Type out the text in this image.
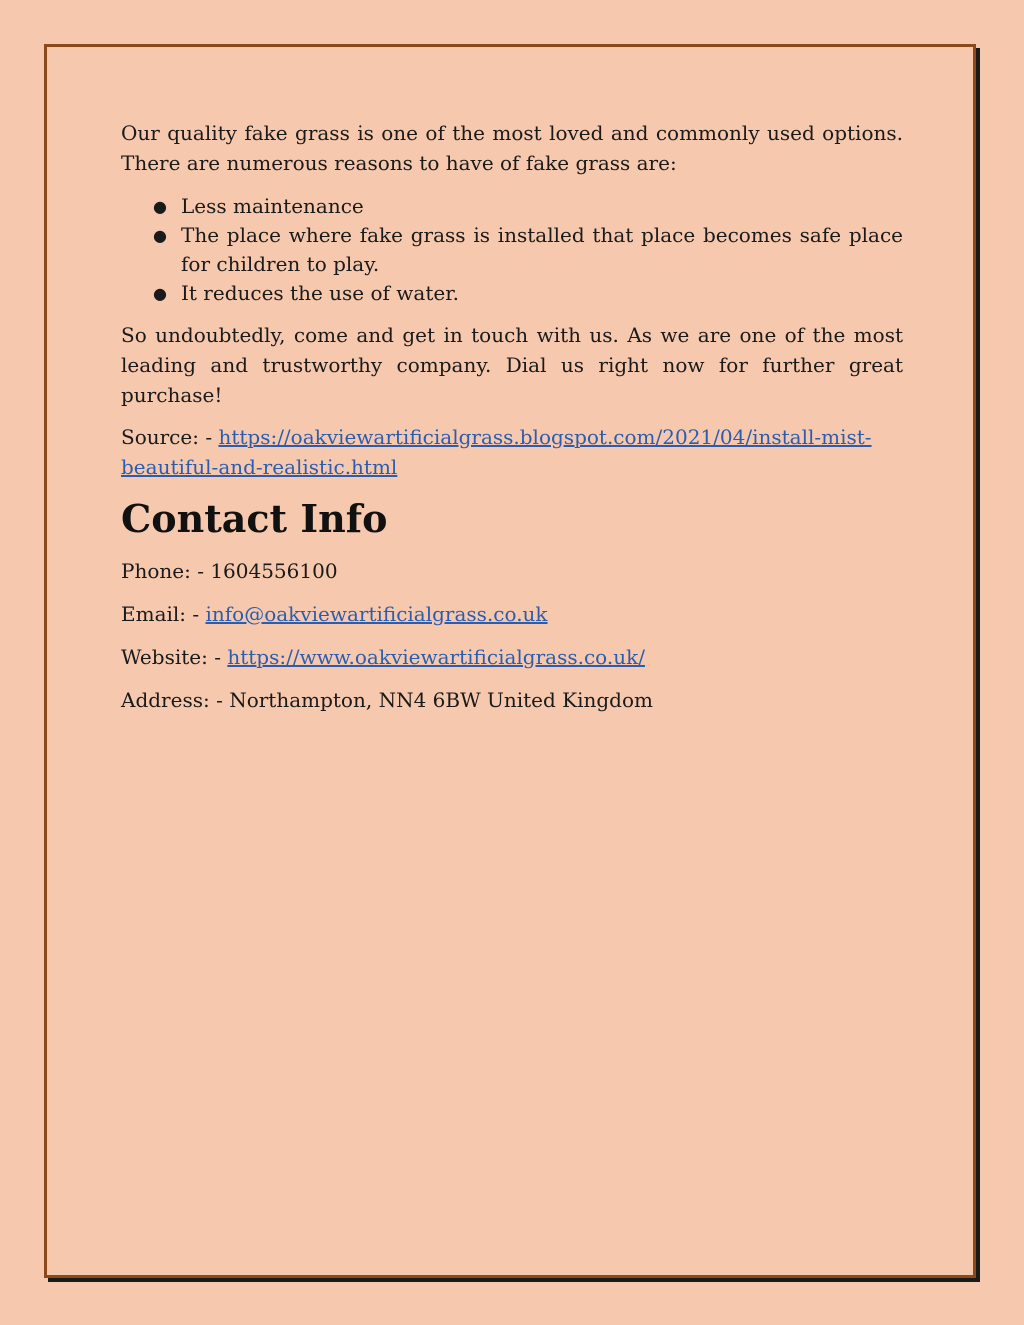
Our quality fake grass is one of the most loved and commonly used options. There are numerous reasons to have of fake grass are:

● Less maintenance
● The place where fake grass is installed that place becomes safe place for children to play.
● It reduces the use of water.

So undoubtedly, come and get in touch with us. As we are one of the most leading and trustworthy company. Dial us right now for further great purchase!

Source: - https://oakviewartificialgrass.blogspot.com/2021/04/install-mist-
beautiful-and-realistic.html

Contact Info

Phone: - 1604556100

Email: - info@oakviewartificialgrass.co.uk

Website: - https://www.oakviewartificialgrass.co.uk/

Address: - Northampton, NN4 6BW United Kingdom
